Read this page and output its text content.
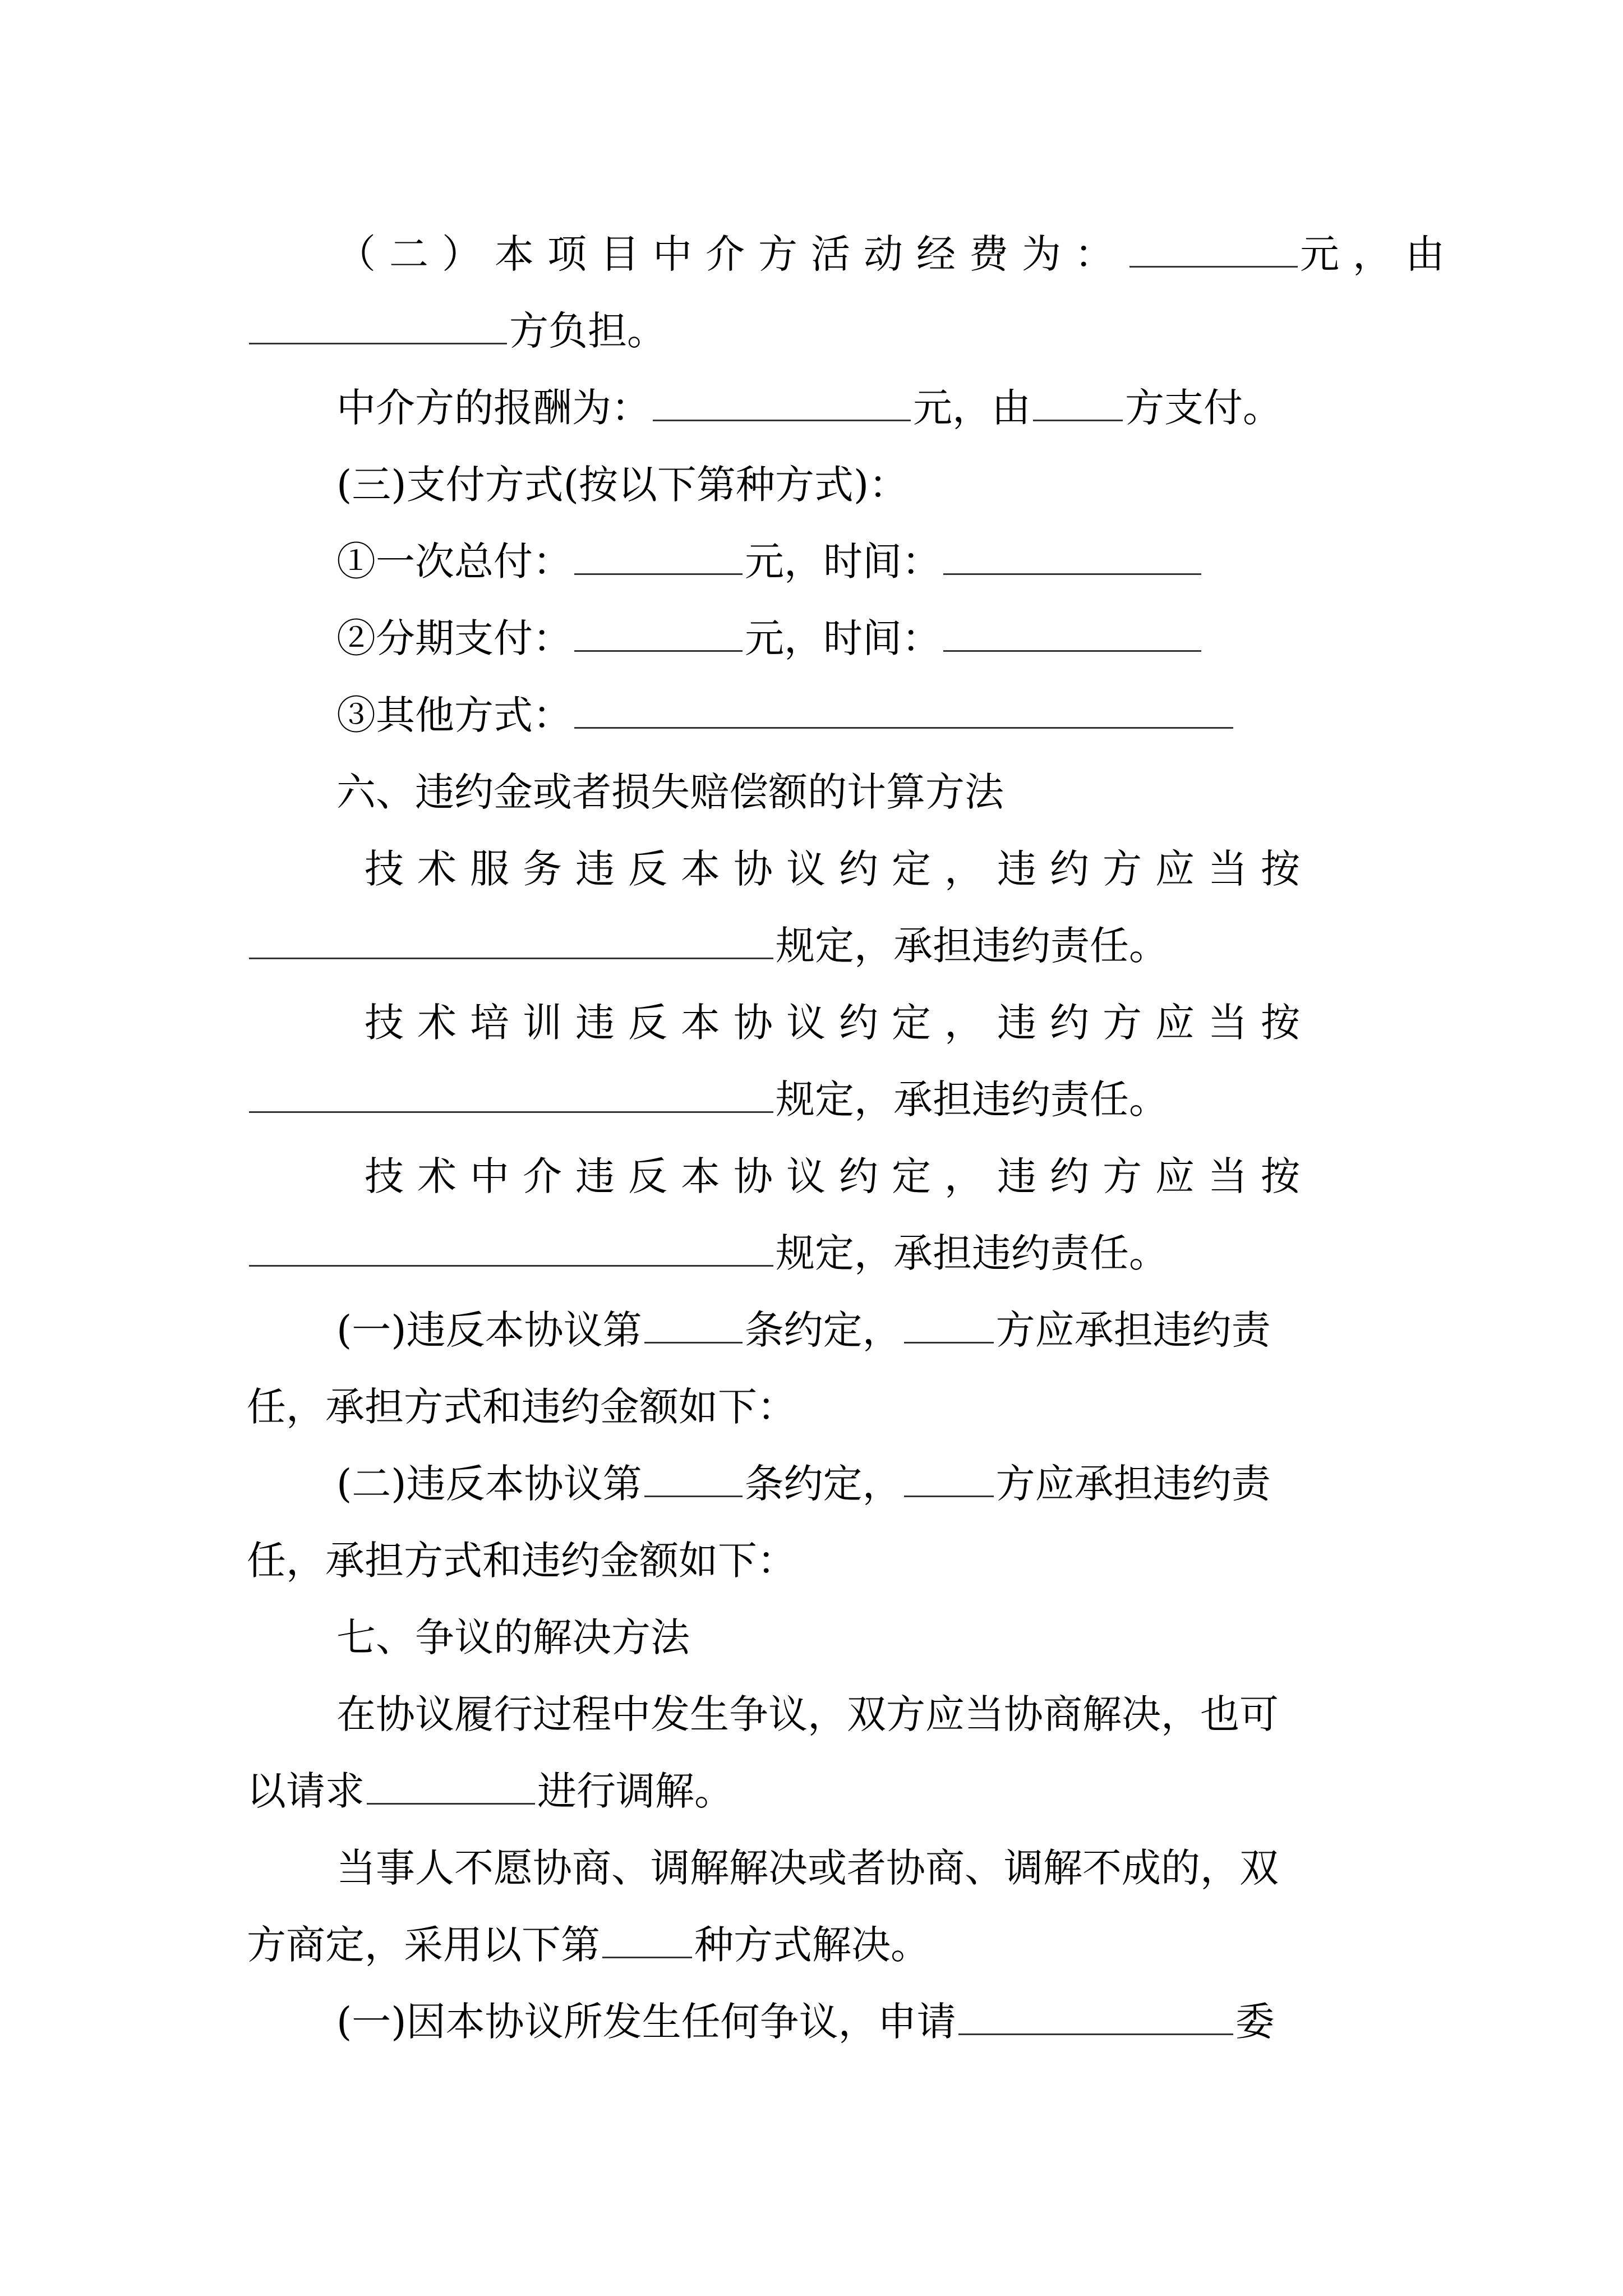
（二）本项目中介方活动经费为：	元，由
方负担。
中介方的报酬为：	元，由 方支付。
(三)支付方式(按以下第种方式)：
①一次总付：	元，时间：
②分期支付：	元，时间：
③其他方式：
六、违约金或者损失赔偿额的计算方法
技术服务违反本协议约定，违约方应当按
规定，承担违约责任。
技术培训违反本协议约定，违约方应当按
规定，承担违约责任。
技术中介违反本协议约定，违约方应当按
规定，承担违约责任。
(一)违反本协议第	条约定， 方应承担违约责
任，承担方式和违约金额如下：
(二)违反本协议第	条约定， 方应承担违约责
任，承担方式和违约金额如下：
七、争议的解决方法
在协议履行过程中发生争议，双方应当协商解决，也可
以请求	进行调解。
当事人不愿协商、调解解决或者协商、调解不成的，双
方商定，采用以下第 种方式解决。
(一)因本协议所发生任何争议，申请	委
